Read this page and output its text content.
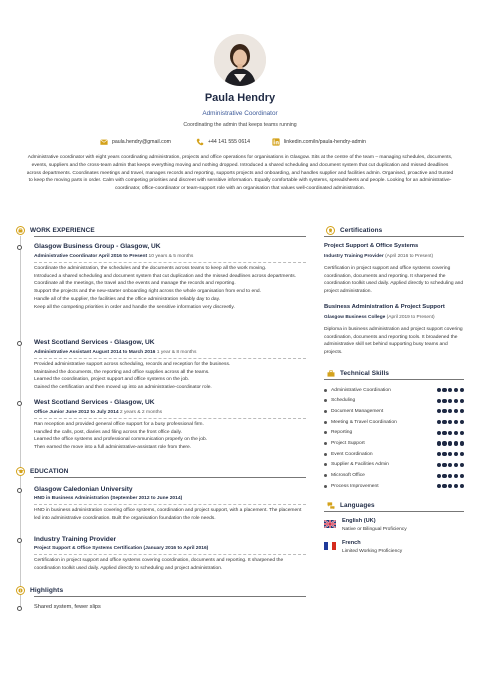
Paula Hendry
Administrative Coordinator
Coordinating the admin that keeps teams running
paula.hendry@gmail.com	+44 141 555 0614	linkedin.com/in/paula-hendry-admin
Administrative coordinator with eight years coordinating administration, projects and office operations for organisations in Glasgow. Sits at the centre of the team – managing schedules, documents, events, suppliers and the cross-team admin that keeps everything moving and nothing dropped. Introduced a shared scheduling and document system that cut duplication and missed deadlines across departments. Coordinates meetings and travel, manages records and reporting, supports projects and onboarding, and handles supplier and facilities admin. Organised, proactive and trusted to keep the moving parts in order. Calm with competing priorities and discreet with sensitive information. Equally comfortable with systems, spreadsheets and people. Looking for an administrative-coordinator, office-coordinator or team-support role with an organisation that values well-coordinated administration.
WORK EXPERIENCE
Glasgow Business Group - Glasgow, UK
Administrative Coordinator April 2016 to Present 10 years & 5 months
Coordinate the administration, the schedules and the documents across teams to keep all the work moving.
Introduced a shared scheduling and document system that cut duplication and the missed deadlines across departments.
Coordinate all the meetings, the travel and the events and manage the records and reporting.
Support the projects and the new-starter onboarding right across the whole organisation from end to end.
Handle all of the supplier, the facilities and the office administration reliably day to day.
Keep all the competing priorities in order and handle the sensitive information very discreetly.
West Scotland Services - Glasgow, UK
Administrative Assistant August 2014 to March 2016 1 year & 8 months
Provided administrative support across scheduling, records and reception for the business.
Maintained the documents, the reporting and office supplies across all the teams.
Learned the coordination, project support and office systems on the job.
Gained the certification and then moved up into an administrative-coordinator role.
West Scotland Services - Glasgow, UK
Office Junior June 2012 to July 2014 2 years & 2 months
Ran reception and provided general office support for a busy professional firm.
Handled the calls, post, diaries and filing across the front office daily.
Learned the office systems and professional communication properly on the job.
Then earned the move into a full administrative-assistant role from there.
EDUCATION
Glasgow Caledonian University
HND in Business Administration (September 2012 to June 2014)
HND in business administration covering office systems, coordination and project support, with a placement. The placement led into administrative coordination. Built the organisation foundation the role needs.
Industry Training Provider
Project Support & Office Systems Certification (January 2016 to April 2016)
Certification in project support and office systems covering coordination, documents and reporting. It sharpened the coordination toolkit used daily. Applied directly to scheduling and project administration.
Highlights
Shared system, fewer slips
Certifications
Project Support & Office Systems
Industry Training Provider (April 2016 to Present)
Certification in project support and office systems covering coordination, documents and reporting. It sharpened the coordination toolkit used daily. Applied directly to scheduling and project administration.
Business Administration & Project Support
Glasgow Business College (April 2019 to Present)
Diploma in business administration and project support covering coordination, documents and reporting tools. It broadened the administrative skill set behind supporting busy teams and projects.
Technical Skills
Administrative Coordination
Scheduling
Document Management
Meeting & Travel Coordination
Reporting
Project Support
Event Coordination
Supplier & Facilities Admin
Microsoft Office
Process Improvement
Languages
English (UK)
Native or Bilingual Proficiency
French
Limited Working Proficiency
